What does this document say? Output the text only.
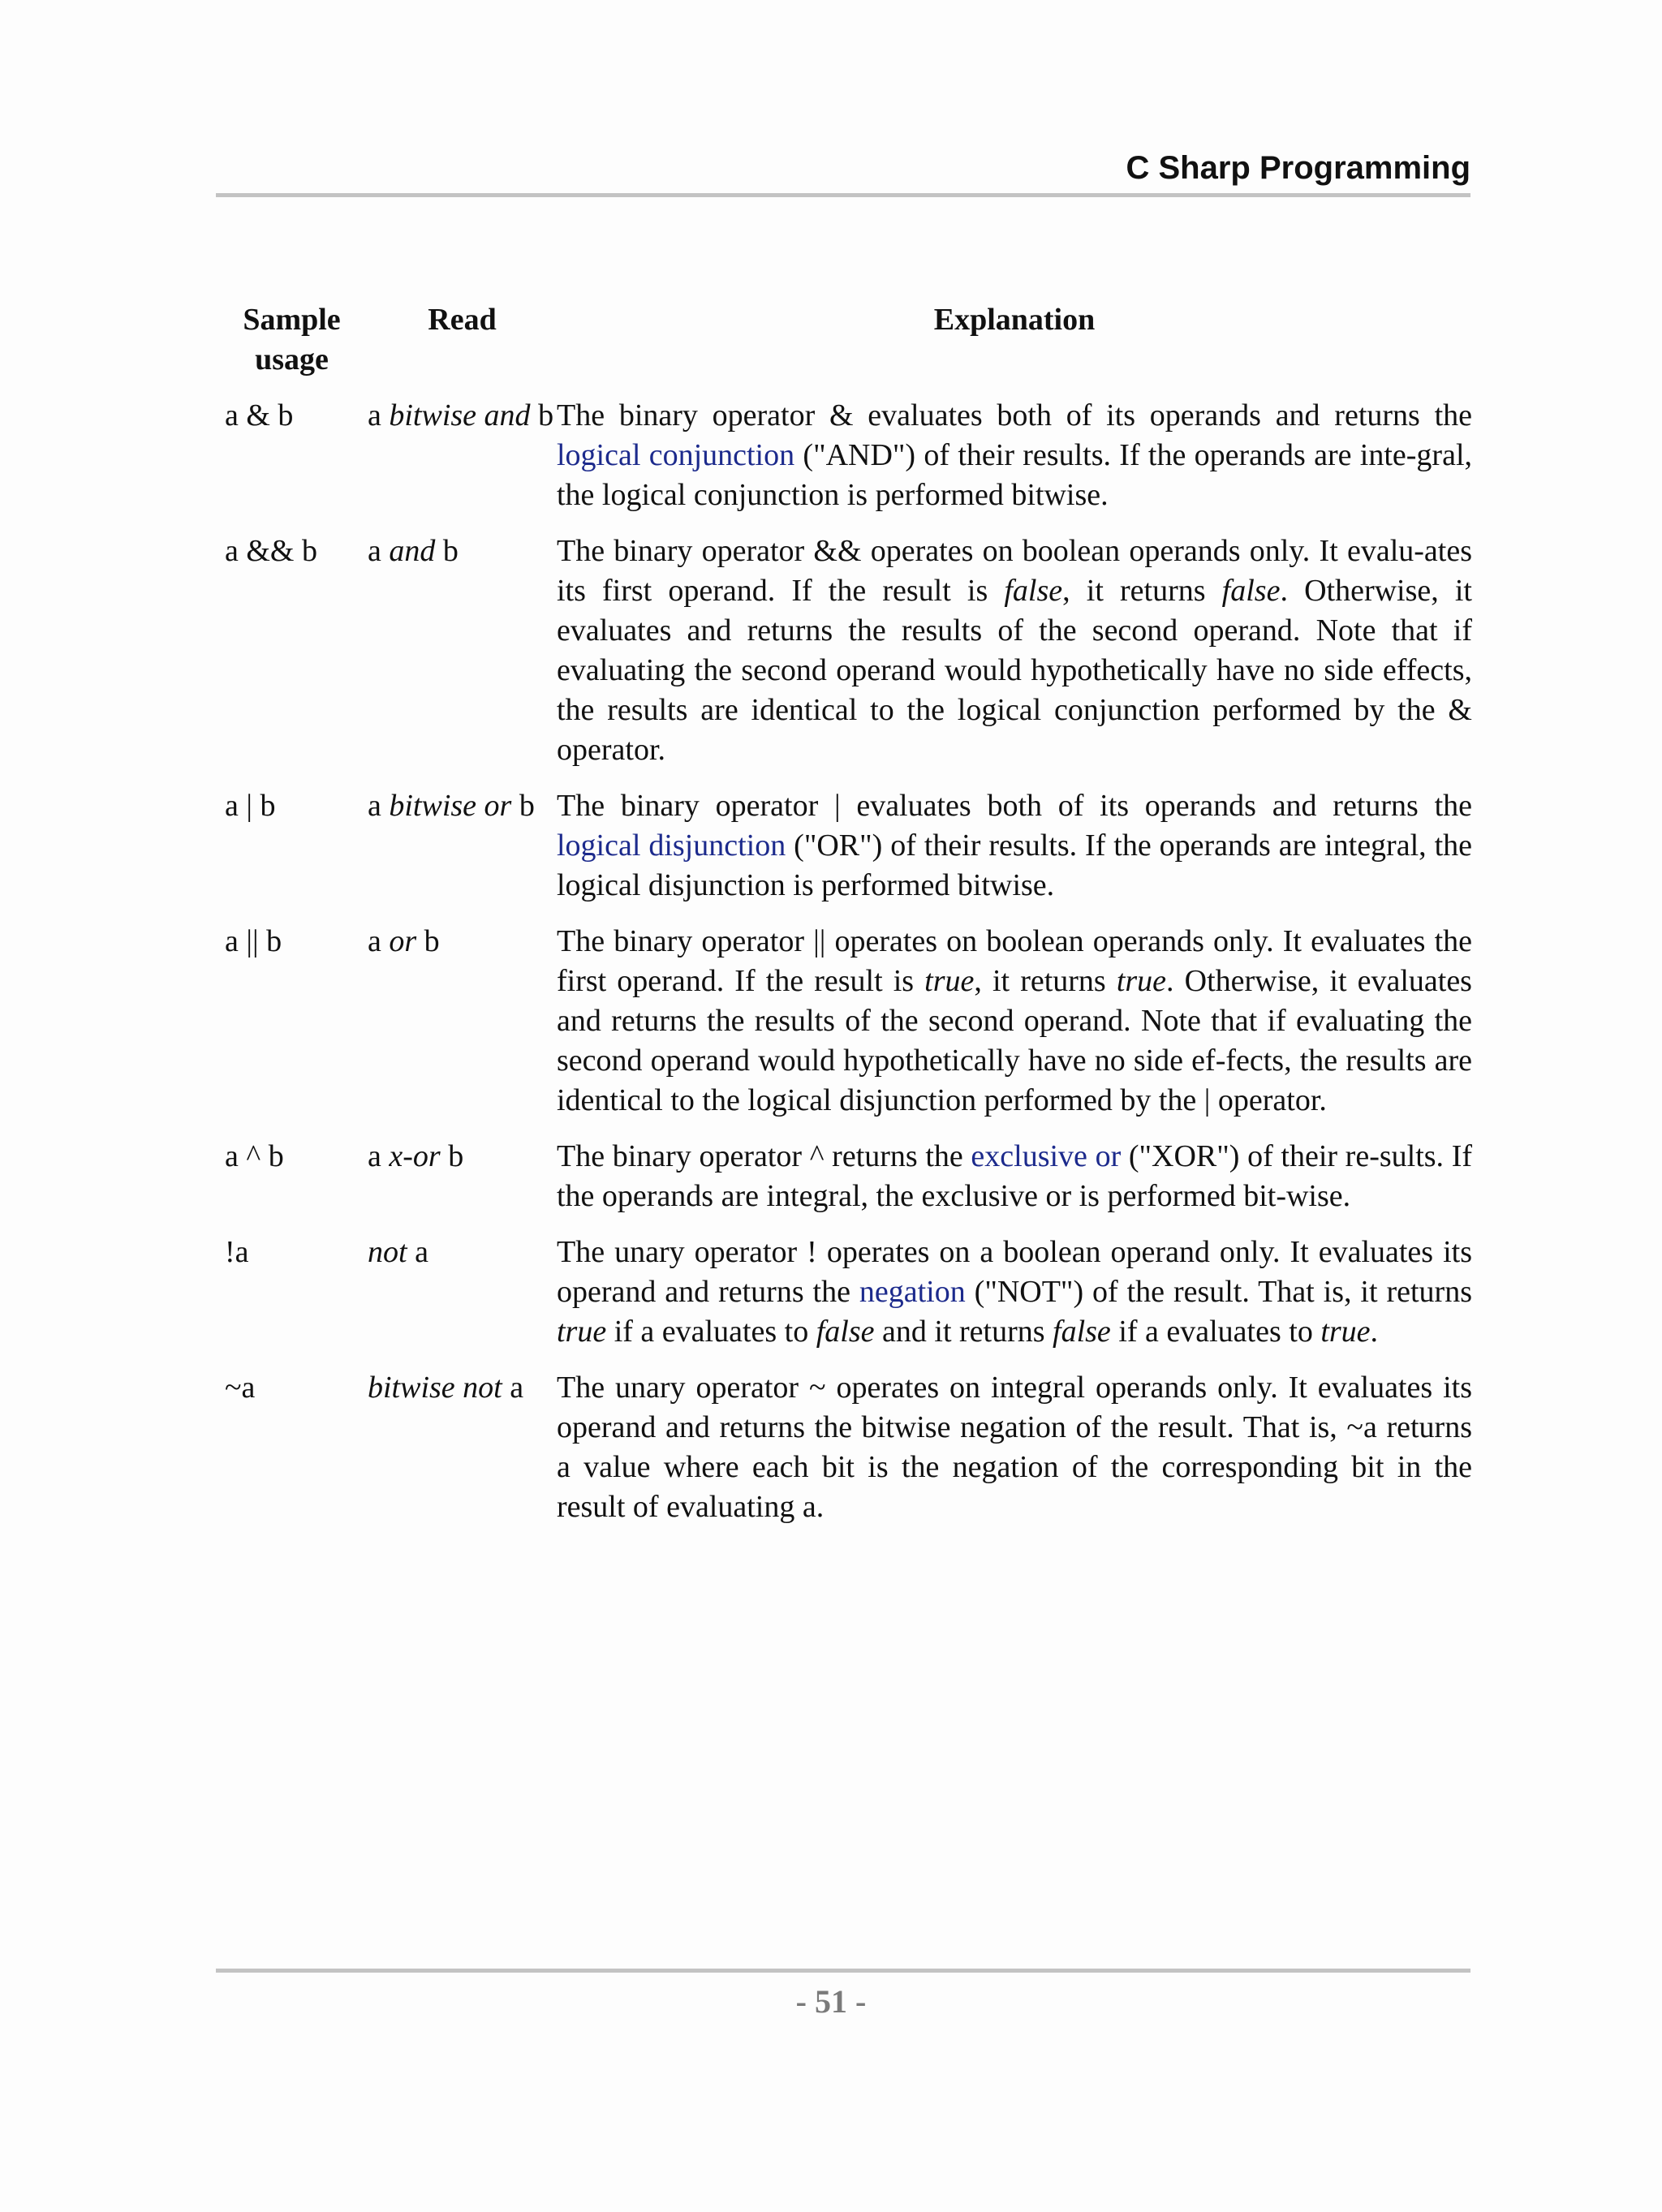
C Sharp Programming
Sample usage	Read	Explanation
a & b	a bitwise and b	The binary operator & evaluates both of its operands and returns the logical conjunction ("AND") of their results. If the operands are inte-gral, the logical conjunction is performed bitwise.
a && b	a and b	The binary operator && operates on boolean operands only. It evalu-ates its first operand. If the result is false, it returns false. Otherwise, it evaluates and returns the results of the second operand. Note that if evaluating the second operand would hypothetically have no side effects, the results are identical to the logical conjunction performed by the & operator.
a | b	a bitwise or b	The binary operator | evaluates both of its operands and returns the logical disjunction ("OR") of their results. If the operands are integral, the logical disjunction is performed bitwise.
a || b	a or b	The binary operator || operates on boolean operands only. It evaluates the first operand. If the result is true, it returns true. Otherwise, it evaluates and returns the results of the second operand. Note that if evaluating the second operand would hypothetically have no side ef-fects, the results are identical to the logical disjunction performed by the | operator.
a ^ b	a x-or b	The binary operator ^ returns the exclusive or ("XOR") of their re-sults. If the operands are integral, the exclusive or is performed bit-wise.
!a	not a	The unary operator ! operates on a boolean operand only. It evaluates its operand and returns the negation ("NOT") of the result. That is, it returns true if a evaluates to false and it returns false if a evaluates to true.
~a	bitwise not a	The unary operator ~ operates on integral operands only. It evaluates its operand and returns the bitwise negation of the result. That is, ~a returns a value where each bit is the negation of the corresponding bit in the result of evaluating a.
- 51 -
